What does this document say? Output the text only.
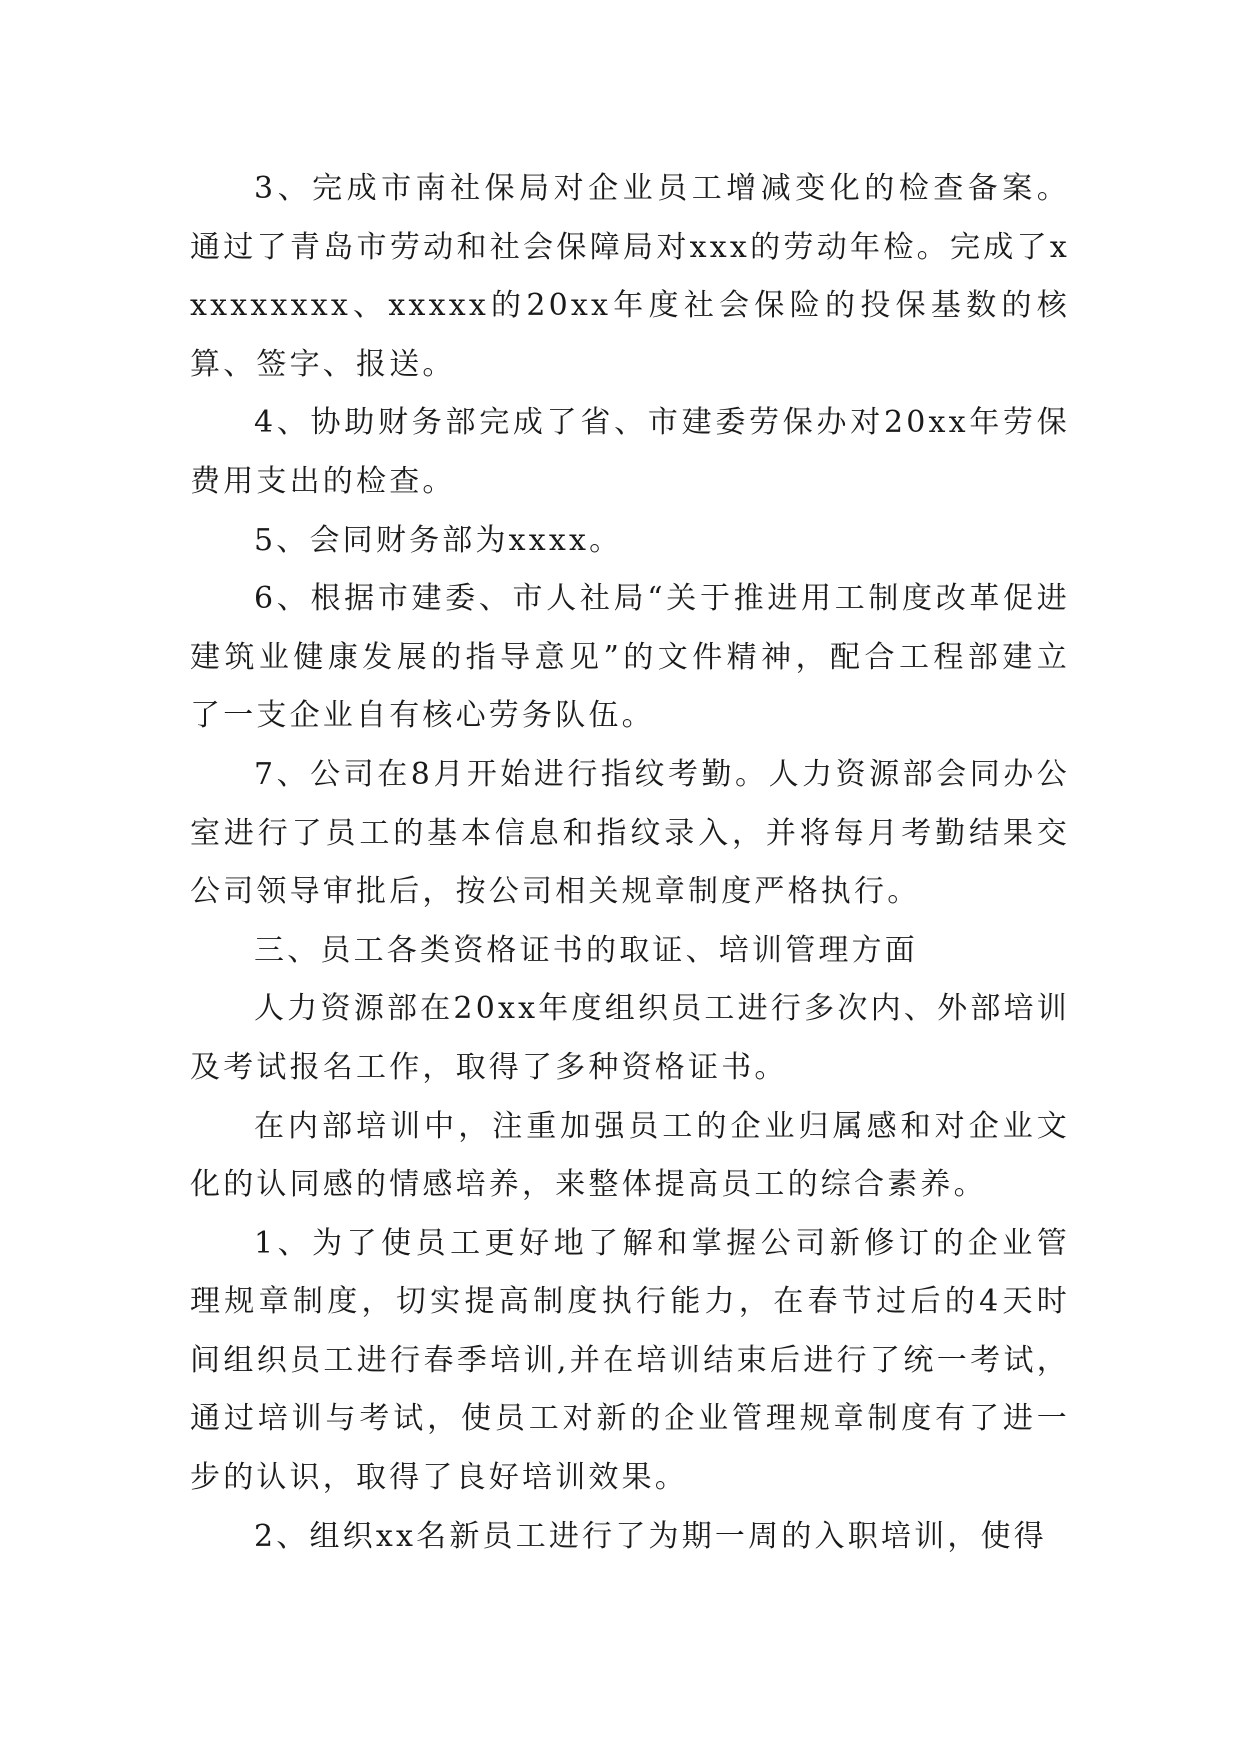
3、完成市南社保局对企业员工增减变化的检查备案。通过了青岛市劳动和社会保障局对xxx的劳动年检。完成了xxxxxxxxx、xxxxx的20xx年度社会保险的投保基数的核算、签字、报送。

4、协助财务部完成了省、市建委劳保办对20xx年劳保费用支出的检查。

5、会同财务部为xxxx。

6、根据市建委、市人社局“关于推进用工制度改革促进建筑业健康发展的指导意见”的文件精神，配合工程部建立了一支企业自有核心劳务队伍。

7、公司在8月开始进行指纹考勤。人力资源部会同办公室进行了员工的基本信息和指纹录入，并将每月考勤结果交公司领导审批后，按公司相关规章制度严格执行。

三、员工各类资格证书的取证、培训管理方面

人力资源部在20xx年度组织员工进行多次内、外部培训及考试报名工作，取得了多种资格证书。

在内部培训中，注重加强员工的企业归属感和对企业文化的认同感的情感培养，来整体提高员工的综合素养。

1、为了使员工更好地了解和掌握公司新修订的企业管理规章制度，切实提高制度执行能力，在春节过后的4天时间组织员工进行春季培训,并在培训结束后进行了统一考试，通过培训与考试，使员工对新的企业管理规章制度有了进一步的认识，取得了良好培训效果。

2、组织xx名新员工进行了为期一周的入职培训，使得
